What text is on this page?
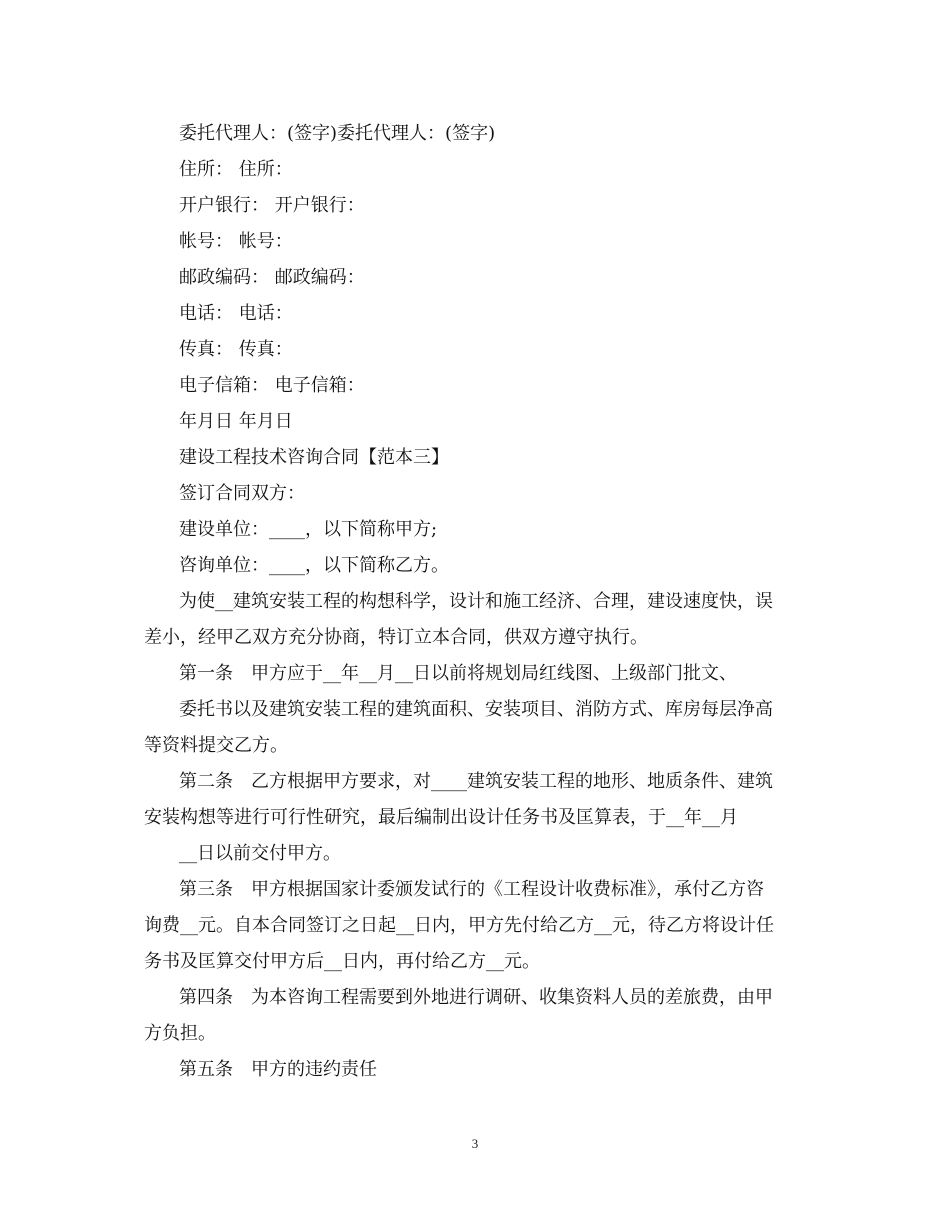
委托代理人：(签字)委托代理人：(签字)
住所： 住所：
开户银行： 开户银行：
帐号： 帐号：
邮政编码： 邮政编码：
电话： 电话：
传真： 传真：
电子信箱： 电子信箱：
年月日 年月日
建设工程技术咨询合同【范本三】
签订合同双方：
建设单位：____，以下简称甲方;
咨询单位：____，以下简称乙方。
为使__建筑安装工程的构想科学，设计和施工经济、合理，建设速度快，误
差小，经甲乙双方充分协商，特订立本合同，供双方遵守执行。
第一条　甲方应于__年__月__日以前将规划局红线图、上级部门批文、
委托书以及建筑安装工程的建筑面积、安装项目、消防方式、库房每层净高
等资料提交乙方。
第二条　乙方根据甲方要求，对____建筑安装工程的地形、地质条件、建筑
安装构想等进行可行性研究，最后编制出设计任务书及匡算表，于__年__月
__日以前交付甲方。
第三条　甲方根据国家计委颁发试行的《工程设计收费标准》，承付乙方咨
询费__元。自本合同签订之日起__日内，甲方先付给乙方__元，待乙方将设计任
务书及匡算交付甲方后__日内，再付给乙方__元。
第四条　为本咨询工程需要到外地进行调研、收集资料人员的差旅费，由甲
方负担。
第五条　甲方的违约责任
3
